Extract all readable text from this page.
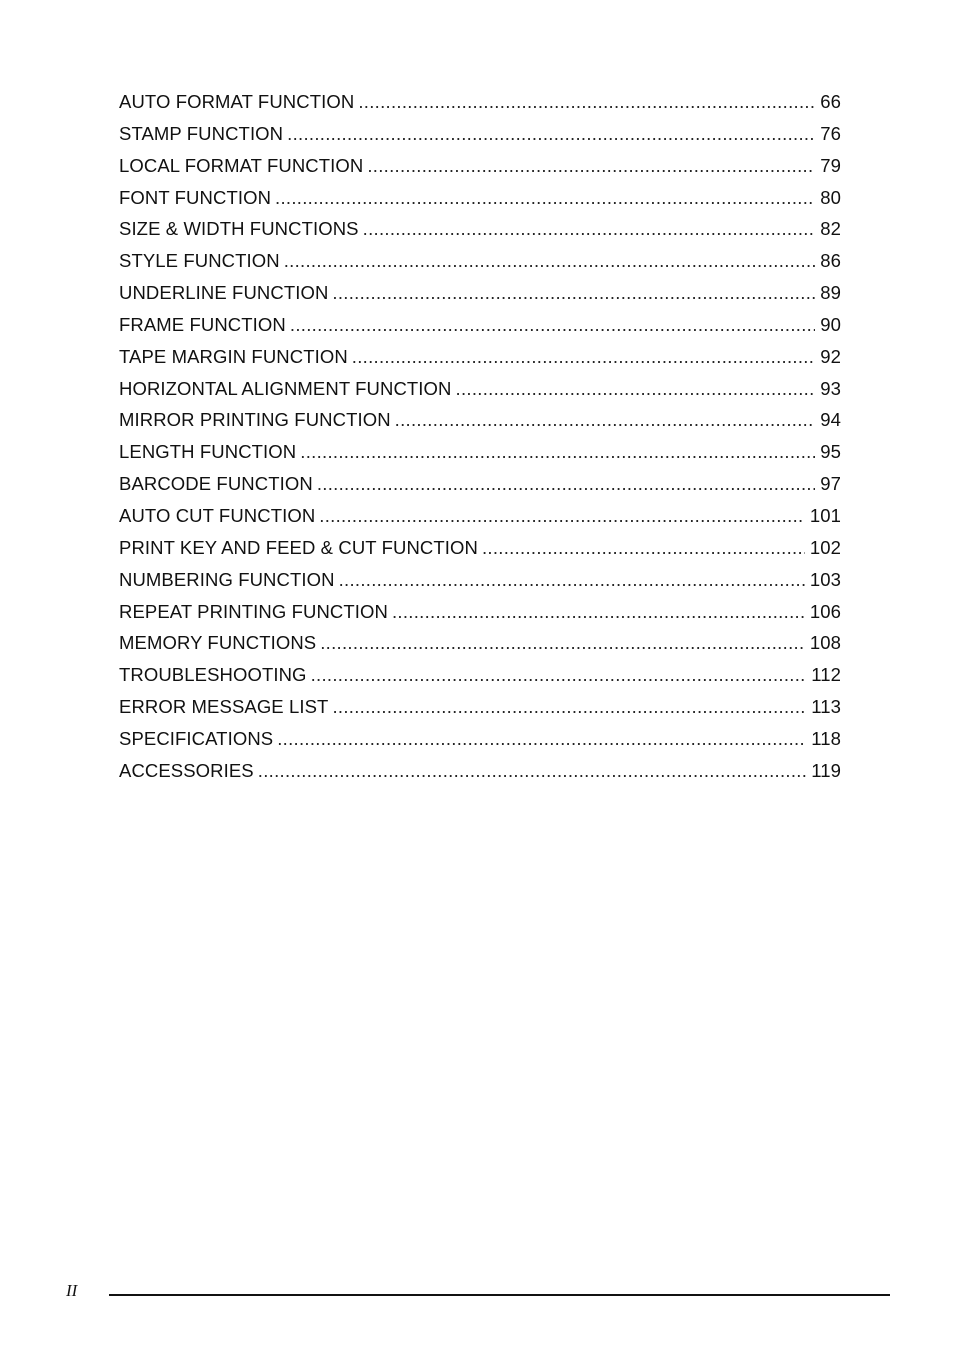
AUTO FORMAT FUNCTION .....	66
STAMP FUNCTION .....	76
LOCAL FORMAT FUNCTION .....	79
FONT FUNCTION .....	80
SIZE & WIDTH FUNCTIONS .....	82
STYLE FUNCTION .....	86
UNDERLINE FUNCTION .....	89
FRAME FUNCTION .....	90
TAPE MARGIN FUNCTION .....	92
HORIZONTAL ALIGNMENT FUNCTION .....	93
MIRROR PRINTING FUNCTION .....	94
LENGTH FUNCTION .....	95
BARCODE FUNCTION .....	97
AUTO CUT FUNCTION .....	101
PRINT KEY AND FEED & CUT FUNCTION .....	102
NUMBERING FUNCTION .....	103
REPEAT PRINTING FUNCTION .....	106
MEMORY FUNCTIONS .....	108
TROUBLESHOOTING .....	112
ERROR MESSAGE LIST .....	113
SPECIFICATIONS .....	118
ACCESSORIES .....	119
II
